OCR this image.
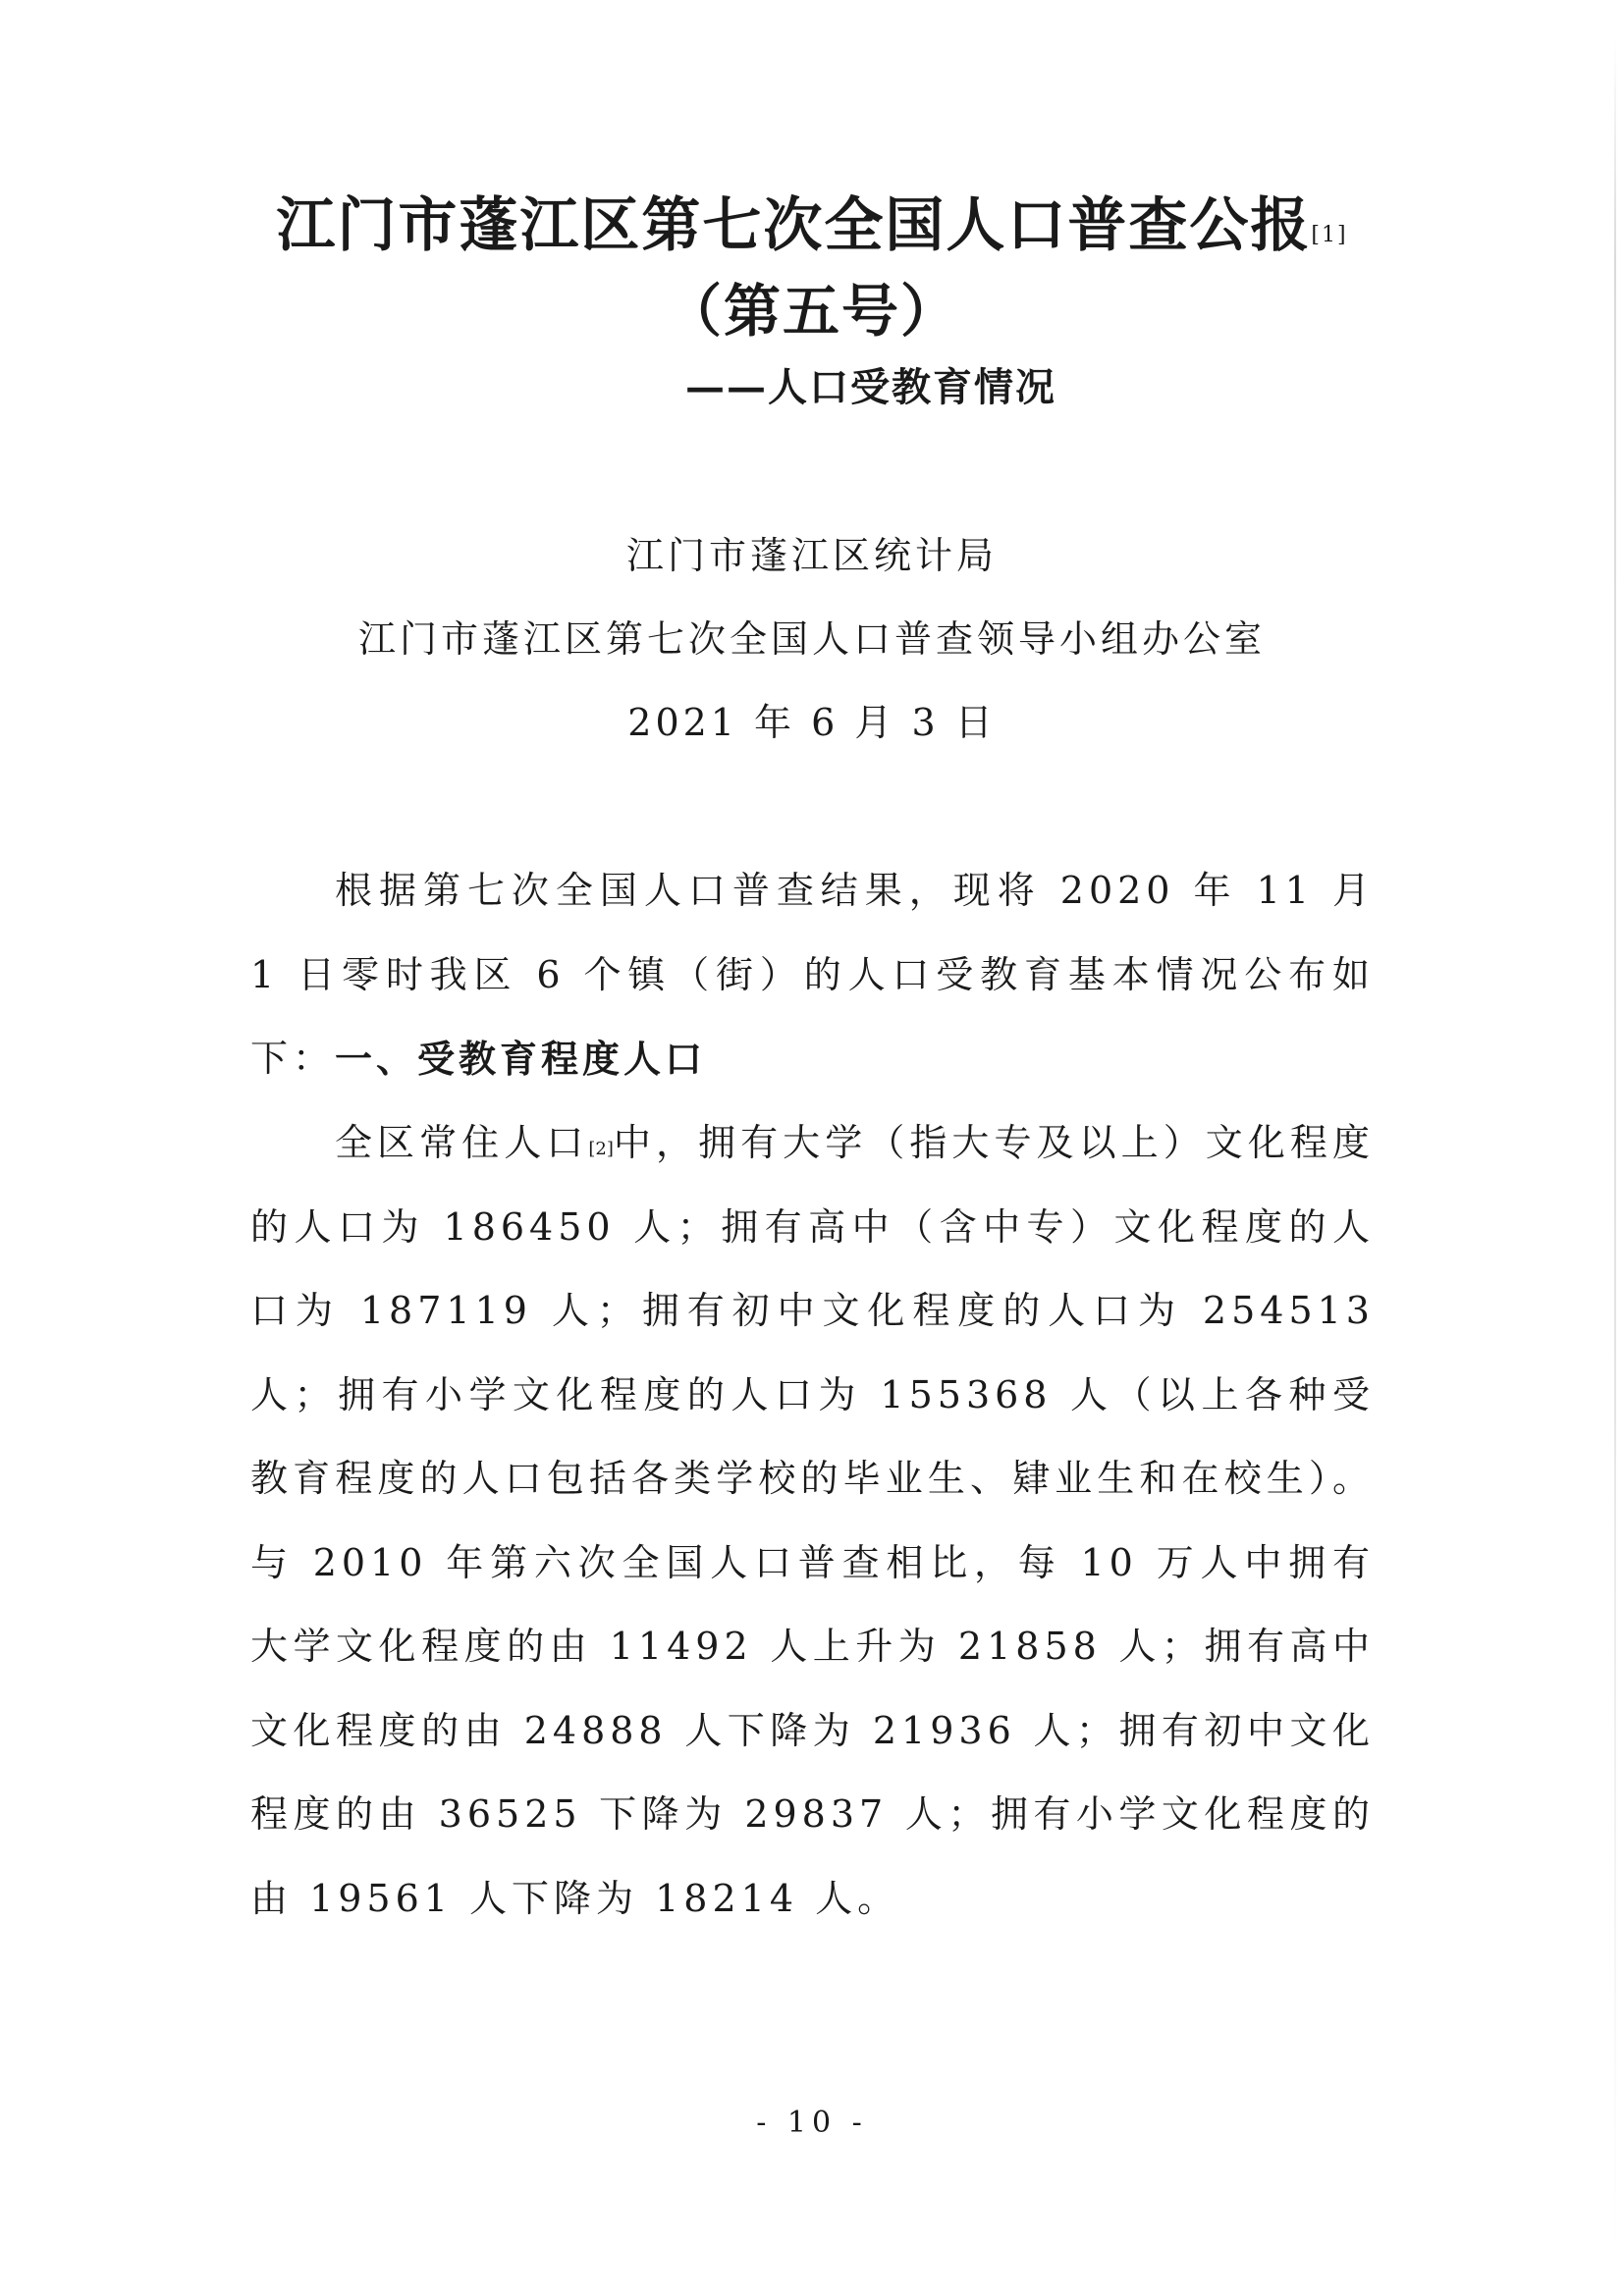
江门市蓬江区第七次全国人口普查公报[1]
（第五号）
——人口受教育情况
江门市蓬江区统计局
江门市蓬江区第七次全国人口普查领导小组办公室
2021 年 6 月 3 日

根据第七次全国人口普查结果，现将 2020 年 11 月 1 日零时我区 6 个镇（街）的人口受教育基本情况公布如下： 一、受教育程度人口

全区常住人口[2]中，拥有大学（指大专及以上）文化程度的人口为 186450 人；拥有高中（含中专）文化程度的人口为 187119 人；拥有初中文化程度的人口为 254513 人；拥有小学文化程度的人口为 155368 人（以上各种受教育程度的人口包括各类学校的毕业生、肄业生和在校生）。与 2010 年第六次全国人口普查相比，每 10 万人中拥有大学文化程度的由 11492 人上升为 21858 人；拥有高中文化程度的由 24888 人下降为 21936 人；拥有初中文化程度的由 36525 下降为 29837 人；拥有小学文化程度的由 19561 人下降为 18214 人。

- 10 -
